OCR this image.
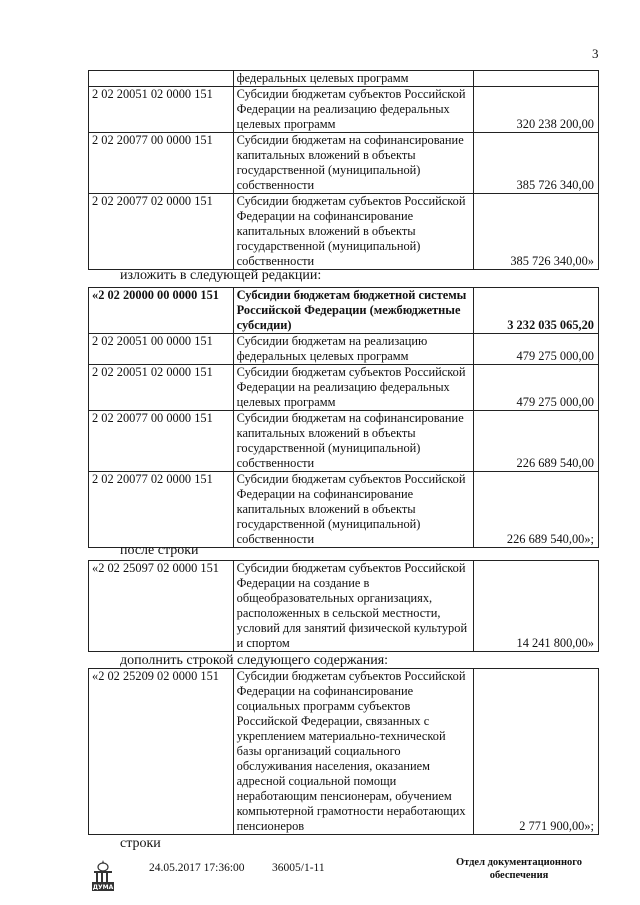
3
	федеральных целевых программ	
2 02 20051 02 0000 151	Субсидии бюджетам субъектов Российской Федерации на реализацию федеральных целевых программ	320 238 200,00
2 02 20077 00 0000 151	Субсидии бюджетам на софинансирование капитальных вложений в объекты государственной (муниципальной) собственности	385 726 340,00
2 02 20077 02 0000 151	Субсидии бюджетам субъектов Российской Федерации на софинансирование капитальных вложений в объекты государственной (муниципальной) собственности	385 726 340,00»
изложить в следующей редакции:
«2 02 20000 00 0000 151	Субсидии бюджетам бюджетной системы Российской Федерации (межбюджетные субсидии)	3 232 035 065,20
2 02 20051 00 0000 151	Субсидии бюджетам на реализацию федеральных целевых программ	479 275 000,00
2 02 20051 02 0000 151	Субсидии бюджетам субъектов Российской Федерации на реализацию федеральных целевых программ	479 275 000,00
2 02 20077 00 0000 151	Субсидии бюджетам на софинансирование капитальных вложений в объекты государственной (муниципальной) собственности	226 689 540,00
2 02 20077 02 0000 151	Субсидии бюджетам субъектов Российской Федерации на софинансирование капитальных вложений в объекты государственной (муниципальной) собственности	226 689 540,00»;
после строки
«2 02 25097 02 0000 151	Субсидии бюджетам субъектов Российской Федерации на создание в общеобразовательных организациях, расположенных в сельской местности, условий для занятий физической культурой и спортом	14 241 800,00»
дополнить строкой следующего содержания:
«2 02 25209 02 0000 151	Субсидии бюджетам субъектов Российской Федерации на софинансирование социальных программ субъектов Российской Федерации, связанных с укреплением материально-технической базы организаций социального обслуживания населения, оказанием адресной социальной помощи неработающим пенсионерам, обучением компьютерной грамотности неработающих пенсионеров	2 771 900,00»;
строки
ДУМА
24.05.2017 17:36:00 36005/1-11	Отдел документационного
обеспечения
